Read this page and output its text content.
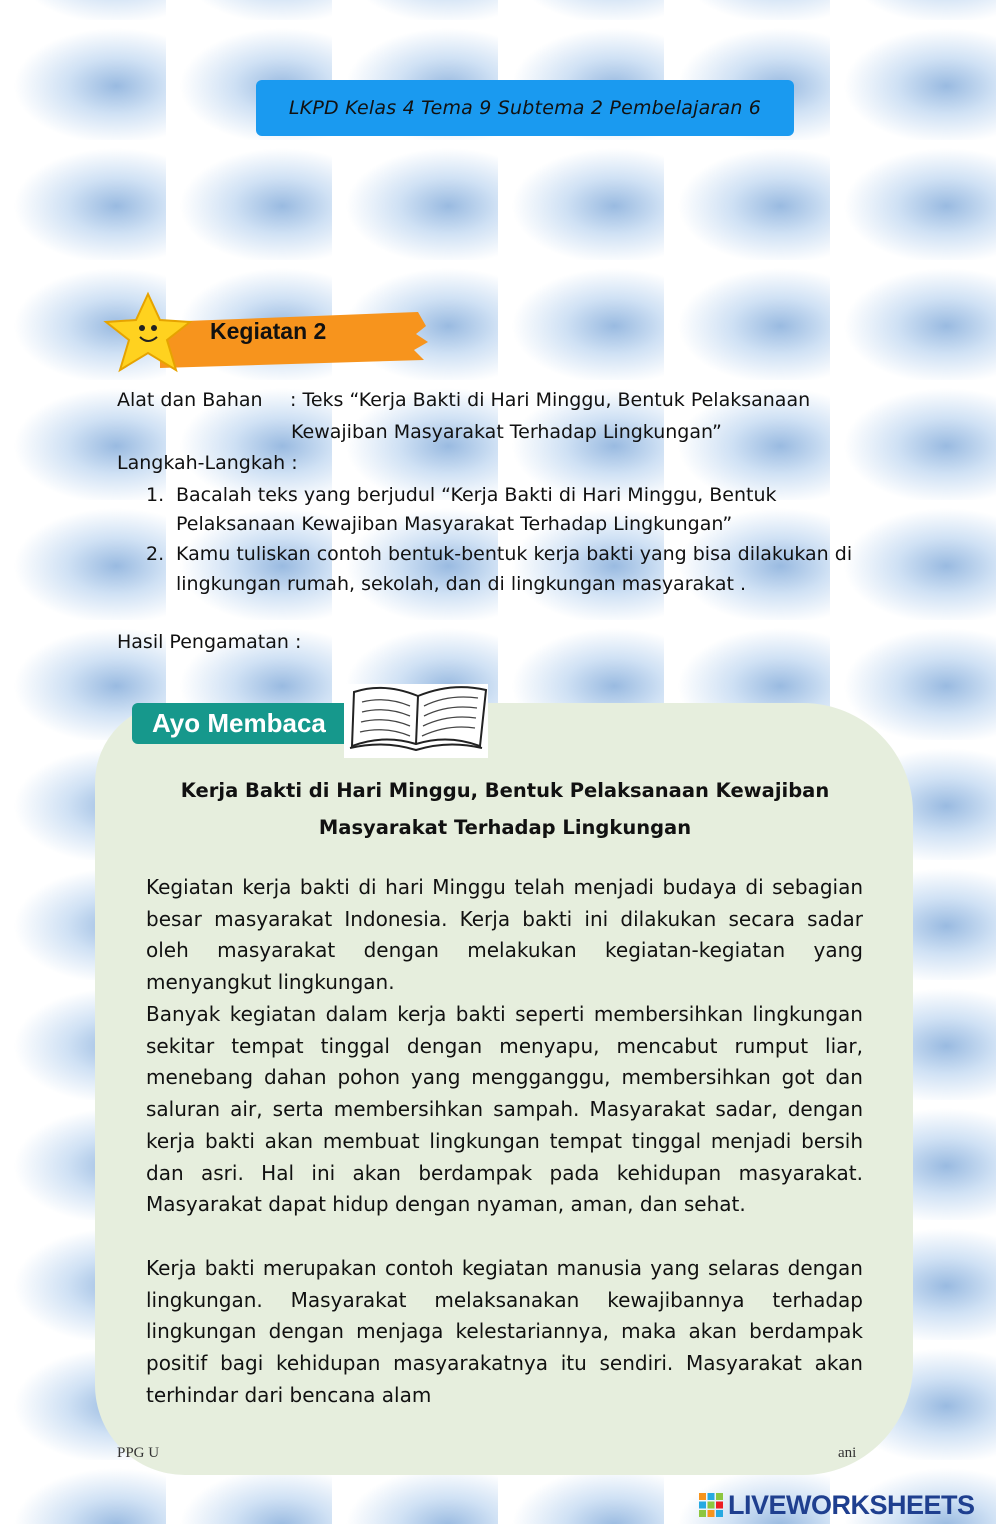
LKPD Kelas 4 Tema 9 Subtema 2 Pembelajaran 6
Kegiatan 2
Alat dan Bahan : Teks “Kerja Bakti di Hari Minggu, Bentuk Pelaksanaan
Kewajiban Masyarakat Terhadap Lingkungan”
Langkah-Langkah :
1. Bacalah teks yang berjudul “Kerja Bakti di Hari Minggu, Bentuk
Pelaksanaan Kewajiban Masyarakat Terhadap Lingkungan”
2. Kamu tuliskan contoh bentuk-bentuk kerja bakti yang bisa dilakukan di
lingkungan rumah, sekolah, dan di lingkungan masyarakat .
Hasil Pengamatan :
Ayo Membaca
Kerja Bakti di Hari Minggu, Bentuk Pelaksanaan Kewajiban
Masyarakat Terhadap Lingkungan
Kegiatan kerja bakti di hari Minggu telah menjadi budaya di sebagian besar masyarakat Indonesia. Kerja bakti ini dilakukan secara sadar oleh masyarakat dengan melakukan kegiatan-kegiatan yang menyangkut lingkungan.
Banyak kegiatan dalam kerja bakti seperti membersihkan lingkungan sekitar tempat tinggal dengan menyapu, mencabut rumput liar, menebang dahan pohon yang mengganggu, membersihkan got dan saluran air, serta membersihkan sampah. Masyarakat sadar, dengan kerja bakti akan membuat lingkungan tempat tinggal menjadi bersih dan asri. Hal ini akan berdampak pada kehidupan masyarakat. Masyarakat dapat hidup dengan nyaman, aman, dan sehat.
Kerja bakti merupakan contoh kegiatan manusia yang selaras dengan lingkungan. Masyarakat melaksanakan kewajibannya terhadap lingkungan dengan menjaga kelestariannya, maka akan berdampak positif bagi kehidupan masyarakatnya itu sendiri. Masyarakat akan terhindar dari bencana alam
PPG U	ani
LIVEWORKSHEETS
